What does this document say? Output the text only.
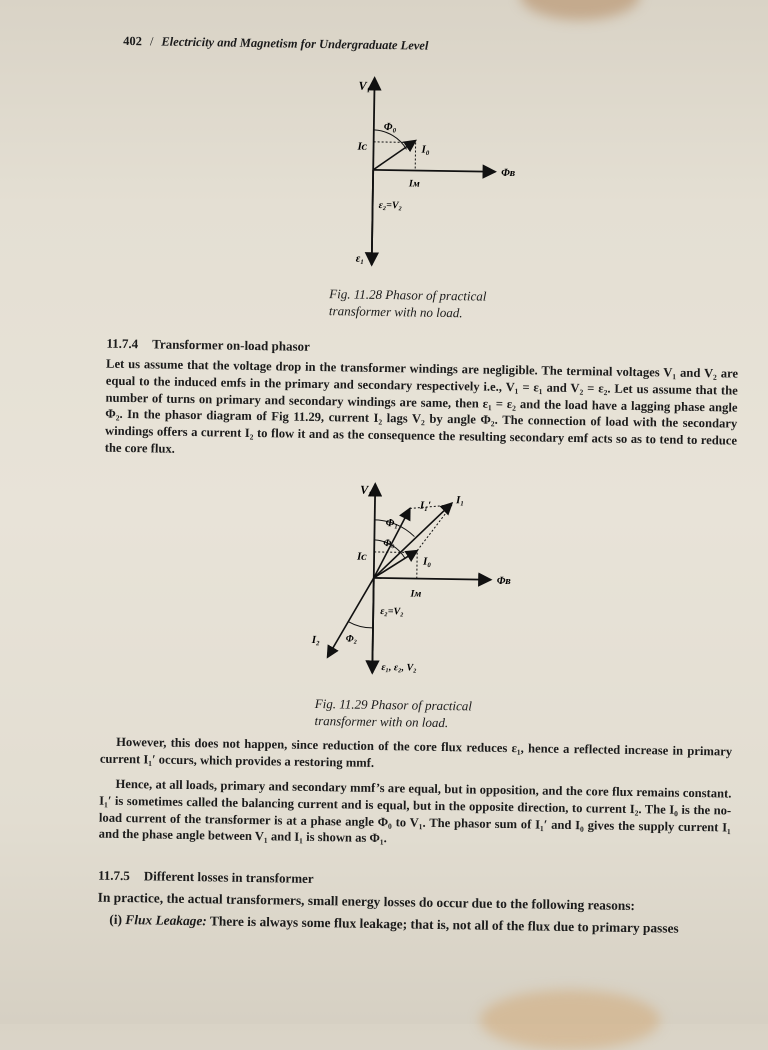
402 / Electricity and Magnetism for Undergraduate Level
V₁
Φ₀
Iᴄ	I₀
Iᴍ
Φʙ
ε₂=V₂
ε₁
Fig. 11.28 Phasor of practical
transformer with no load.
11.7.4 Transformer on-load phasor

Let us assume that the voltage drop in the transformer windings are negligible. The terminal voltages V₁ and V₂ are equal to the induced emfs in the primary and secondary respectively i.e., V₁ = ε₁ and V₂ = ε₂. Let us assume that the number of turns on primary and secondary windings are same, then ε₁ = ε₂ and the load have a lagging phase angle Φ₂. In the phasor diagram of Fig 11.29, current I₂ lags V₂ by angle Φ₂. The connection of load with the secondary windings offers a current I₂ to flow it and as the consequence the resulting secondary emf acts so as to tend to reduce the core flux.

V₁
I₁′ I₁
Φ₁
Φ₀
Iᴄ	I₀
Iᴍ
Φʙ
ε₂=V₂
I₂	Φ₂
ε₁, ε₂, V₂
Fig. 11.29 Phasor of practical
transformer with on load.

However, this does not happen, since reduction of the core flux reduces ε₁, hence a reflected increase in primary current I₁′ occurs, which provides a restoring mmf.

Hence, at all loads, primary and secondary mmf’s are equal, but in opposition, and the core flux remains constant. I₁′ is sometimes called the balancing current and is equal, but in the opposite direction, to current I₂. The I₀ is the no-load current of the transformer is at a phase angle Φ₀ to V₁. The phasor sum of I₁′ and I₀ gives the supply current I₁ and the phase angle between V₁ and I₁ is shown as Φ₁.

11.7.5 Different losses in transformer

In practice, the actual transformers, small energy losses do occur due to the following reasons:

(i) Flux Leakage: There is always some flux leakage; that is, not all of the flux due to primary passes
